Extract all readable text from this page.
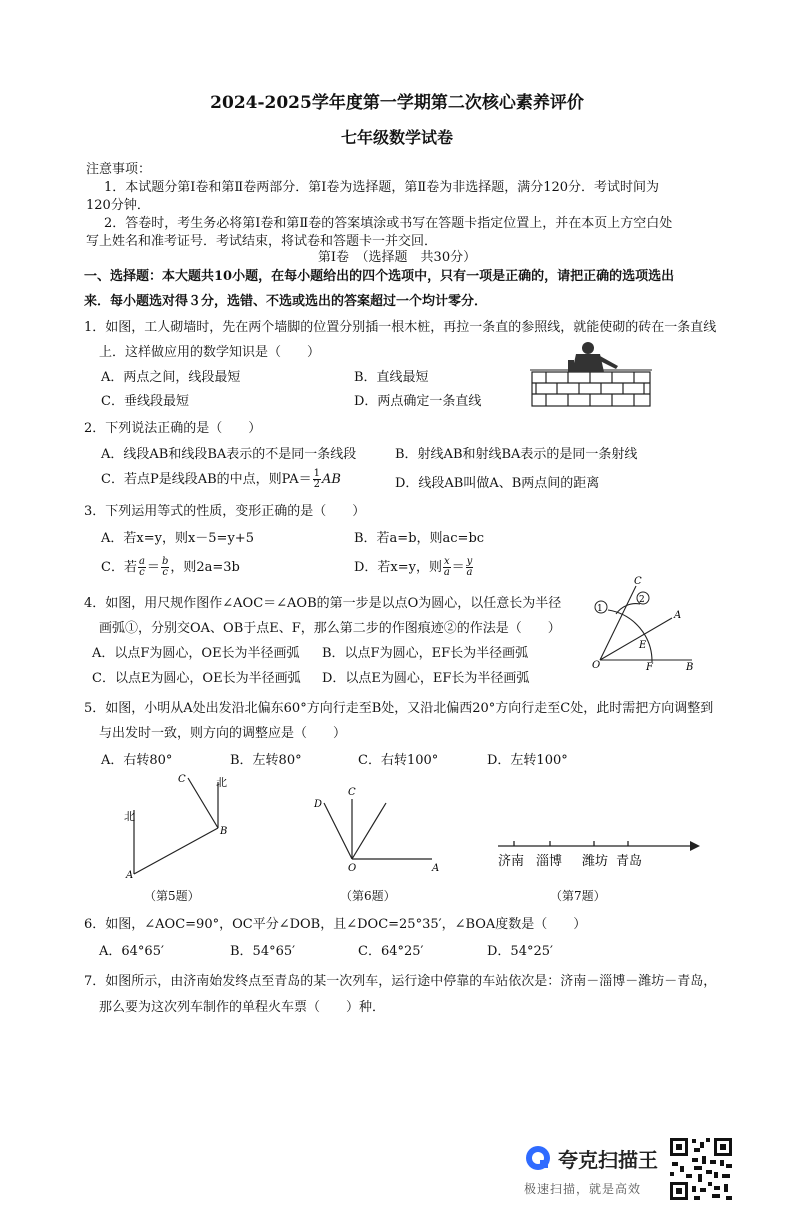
2024-2025学年度第一学期第二次核心素养评价
七年级数学试卷
注意事项：
1．本试题分第Ⅰ卷和第Ⅱ卷两部分．第Ⅰ卷为选择题，第Ⅱ卷为非选择题，满分120分．考试时间为
120分钟．
2．答卷时，考生务必将第Ⅰ卷和第Ⅱ卷的答案填涂或书写在答题卡指定位置上，并在本页上方空白处
写上姓名和准考证号．考试结束，将试卷和答题卡一并交回．
第Ⅰ卷　（选择题　共30分）
一、选择题：本大题共10小题，在每小题给出的四个选项中，只有一项是正确的，请把正确的选项选出
来．每小题选对得３分，选错、不选或选出的答案超过一个均计零分．
1．如图，工人砌墙时，先在两个墙脚的位置分别插一根木桩，再拉一条直的参照线，就能使砌的砖在一条直线
上．这样做应用的数学知识是（　　）
A．两点之间，线段最短	B．直线最短
C．垂线段最短	D．两点确定一条直线
2．下列说法正确的是（　　）
A．线段AB和线段BA表示的不是同一条线段	B．射线AB和射线BA表示的是同一条射线
C．若点P是线段AB的中点，则$PA= \frac{1}{2}$ AB	D．线段AB叫做A、B两点间的距离
3．下列运用等式的性质，变形正确的是（　　）
A．若x=y，则x－5=y+5	B．若a=b，则ac=bc
C．若 $\frac{a}{c} = \frac{b}{c}$ ，则2a=3b	D．若x=y，则 $\frac{x}{a} = \frac{y}{a}$
4．如图，用尺规作图作∠AOC＝∠AOB的第一步是以点O为圆心，以任意长为半径
画弧①，分别交OA、OB于点E、F，那么第二步的作图痕迹②的作法是（　　）
A．以点F为圆心，OE长为半径画弧 B．以点F为圆心，EF长为半径画弧
C．以点E为圆心，OE长为半径画弧 D．以点E为圆心，EF长为半径画弧
C
A
E
O	F	B
1
2
5．如图，小明从A处出发沿北偏东60°方向行走至B处，又沿北偏西20°方向行走至C处，此时需把方向调整到
与出发时一致，则方向的调整应是（　　）
A．右转80°	B．左转80°	C．右转100°	D．左转100°
北
北
A
B
C
（第5题）
D
C
O	A
（第6题）
济南 淄博 潍坊 青岛
（第7题）
6．如图，∠AOC=90°，OC平分∠DOB，且∠DOC=25°35′，∠BOA度数是（　　）
A．64°65′	B．54°65′	C．64°25′	D．54°25′
7．如图所示，由济南始发终点至青岛的某一次列车，运行途中停靠的车站依次是：济南－淄博－潍坊－青岛，
那么要为这次列车制作的单程火车票（　　）种．
夸克扫描王
极速扫描，就是高效
